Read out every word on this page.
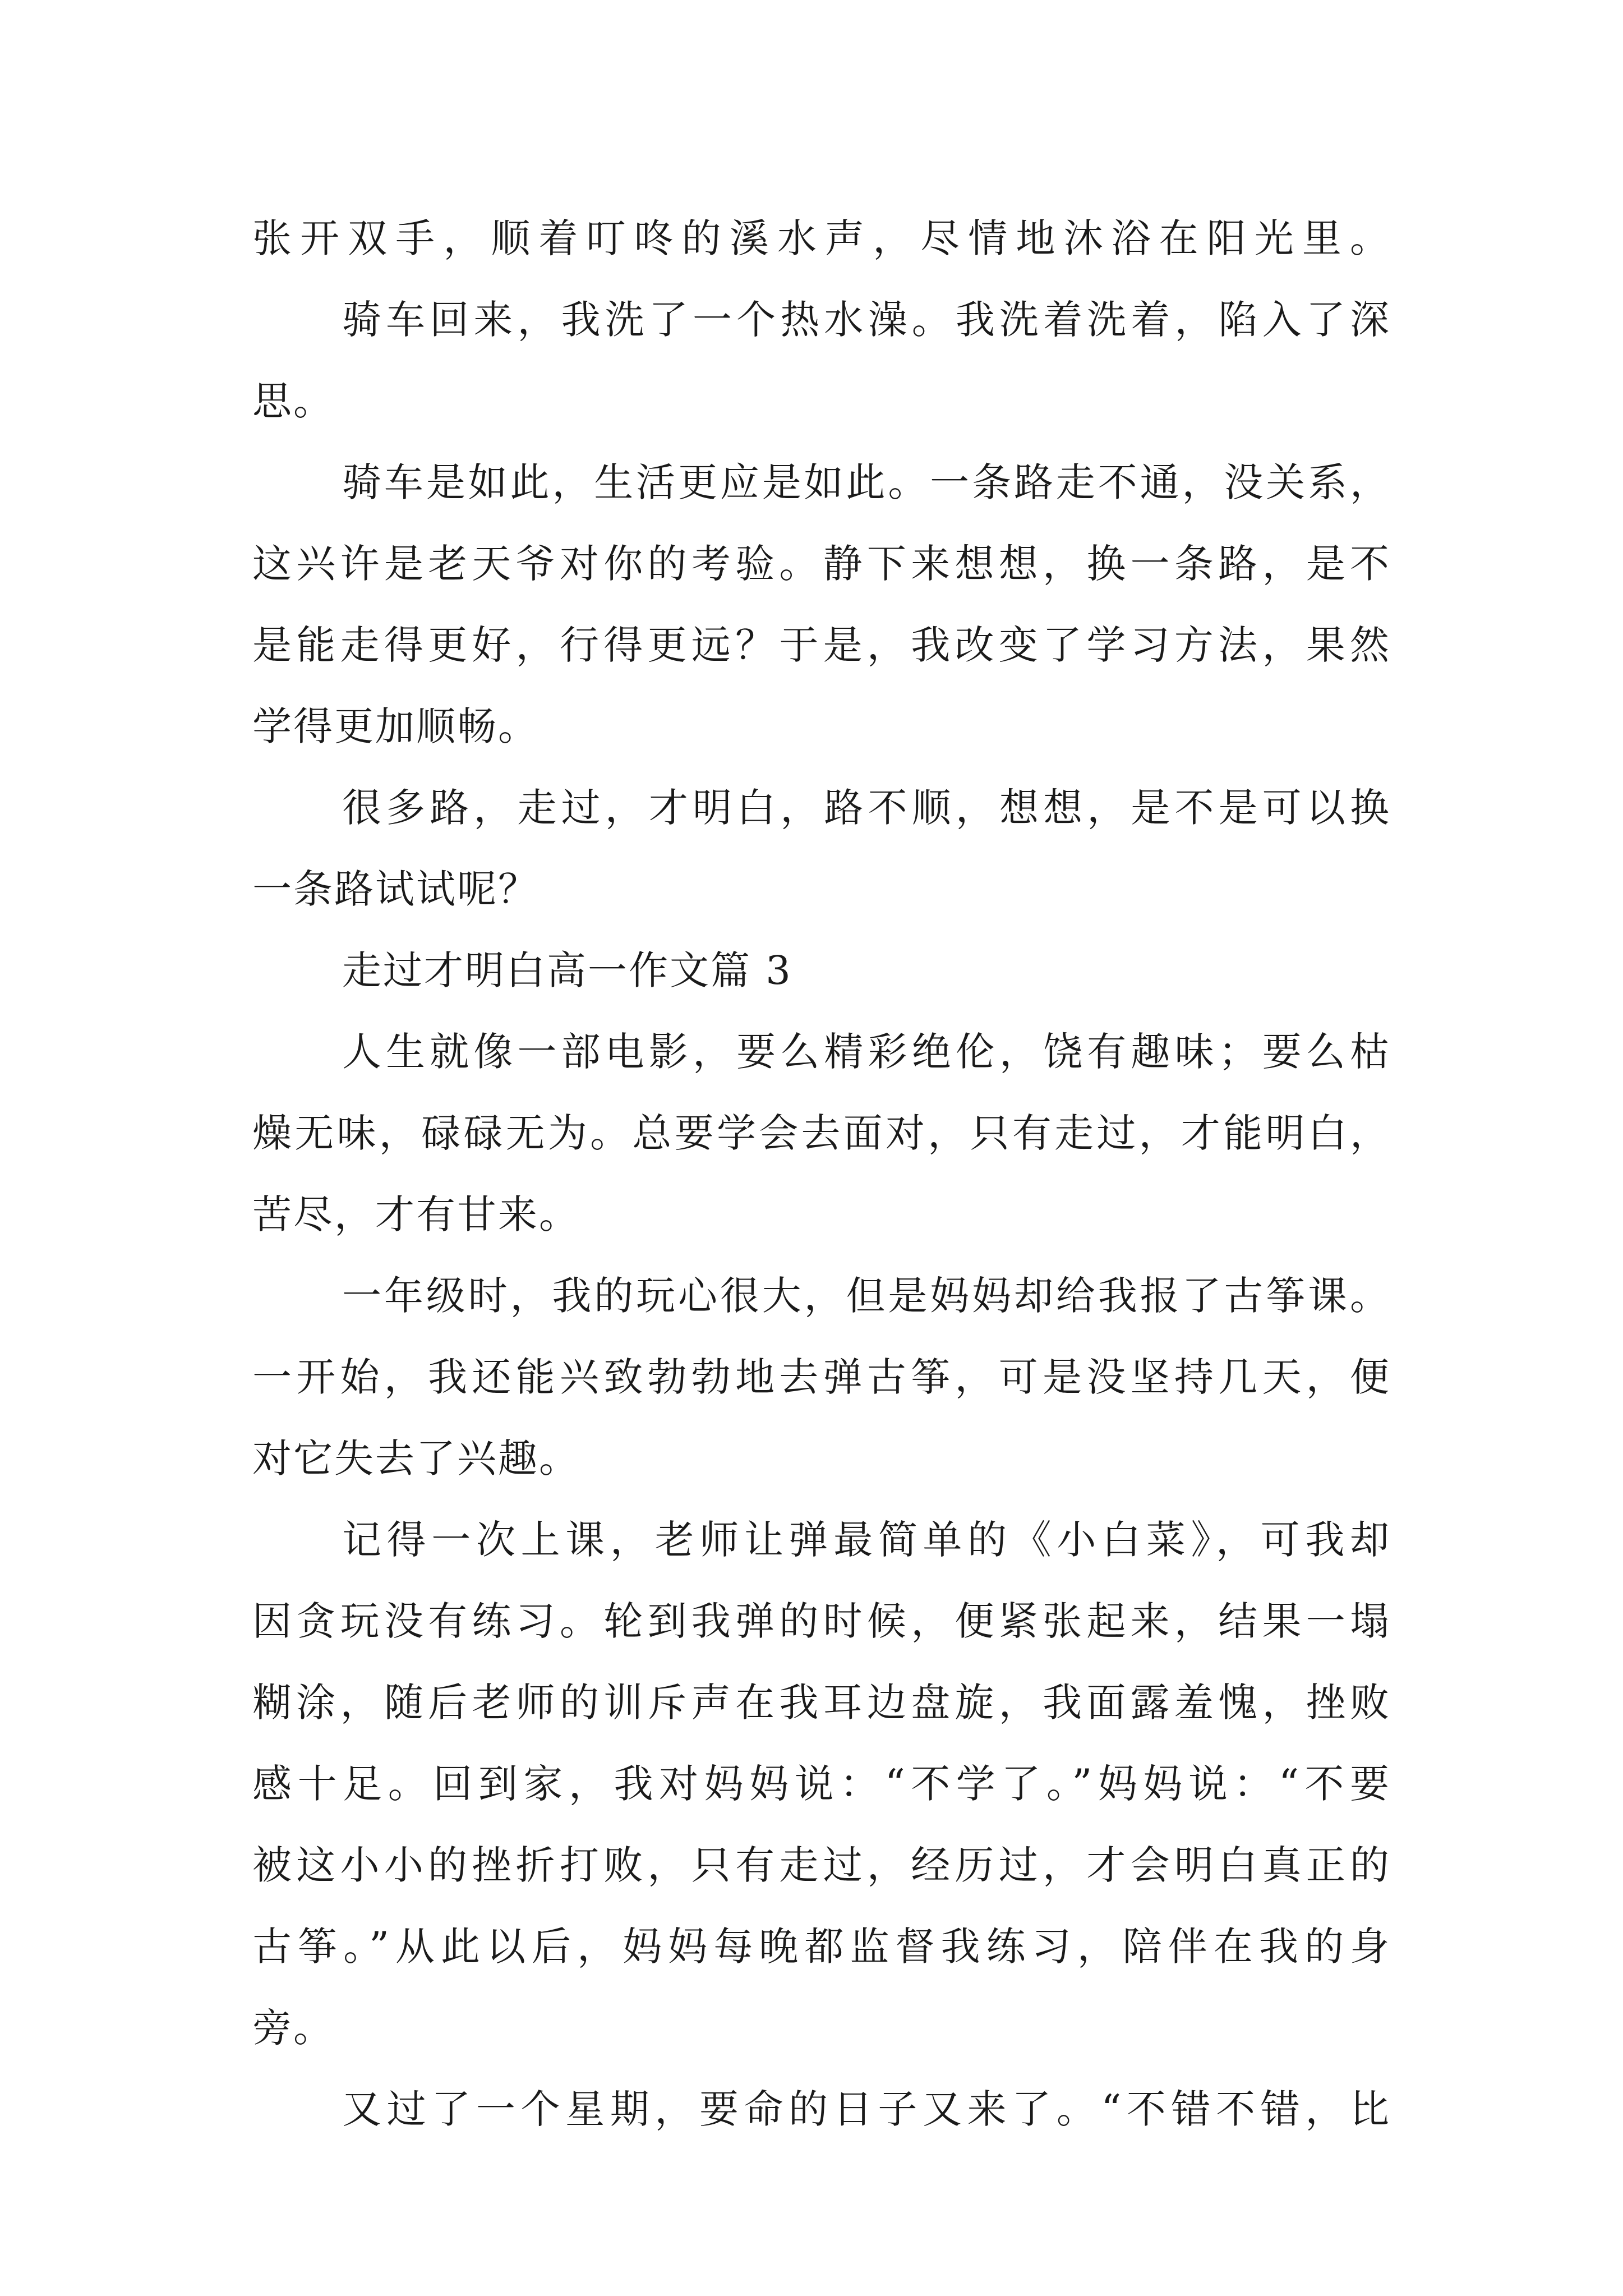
张开双手，顺着叮咚的溪水声，尽情地沐浴在阳光里。
骑车回来，我洗了一个热水澡。我洗着洗着，陷入了深
思。
骑车是如此，生活更应是如此。一条路走不通，没关系，
这兴许是老天爷对你的考验。静下来想想，换一条路，是不
是能走得更好，行得更远？于是，我改变了学习方法，果然
学得更加顺畅。
很多路，走过，才明白，路不顺，想想，是不是可以换
一条路试试呢？
走过才明白高一作文篇 3
人生就像一部电影，要么精彩绝伦，饶有趣味；要么枯
燥无味，碌碌无为。总要学会去面对，只有走过，才能明白，
苦尽，才有甘来。
一年级时，我的玩心很大，但是妈妈却给我报了古筝课。
一开始，我还能兴致勃勃地去弹古筝，可是没坚持几天，便
对它失去了兴趣。
记得一次上课，老师让弹最简单的《小白菜》，可我却
因贪玩没有练习。轮到我弹的时候，便紧张起来，结果一塌
糊涂，随后老师的训斥声在我耳边盘旋，我面露羞愧，挫败
感十足。回到家，我对妈妈说：“不学了。”妈妈说：“不要
被这小小的挫折打败，只有走过，经历过，才会明白真正的
古筝。”从此以后，妈妈每晚都监督我练习，陪伴在我的身
旁。
又过了一个星期，要命的日子又来了。“不错不错，比
